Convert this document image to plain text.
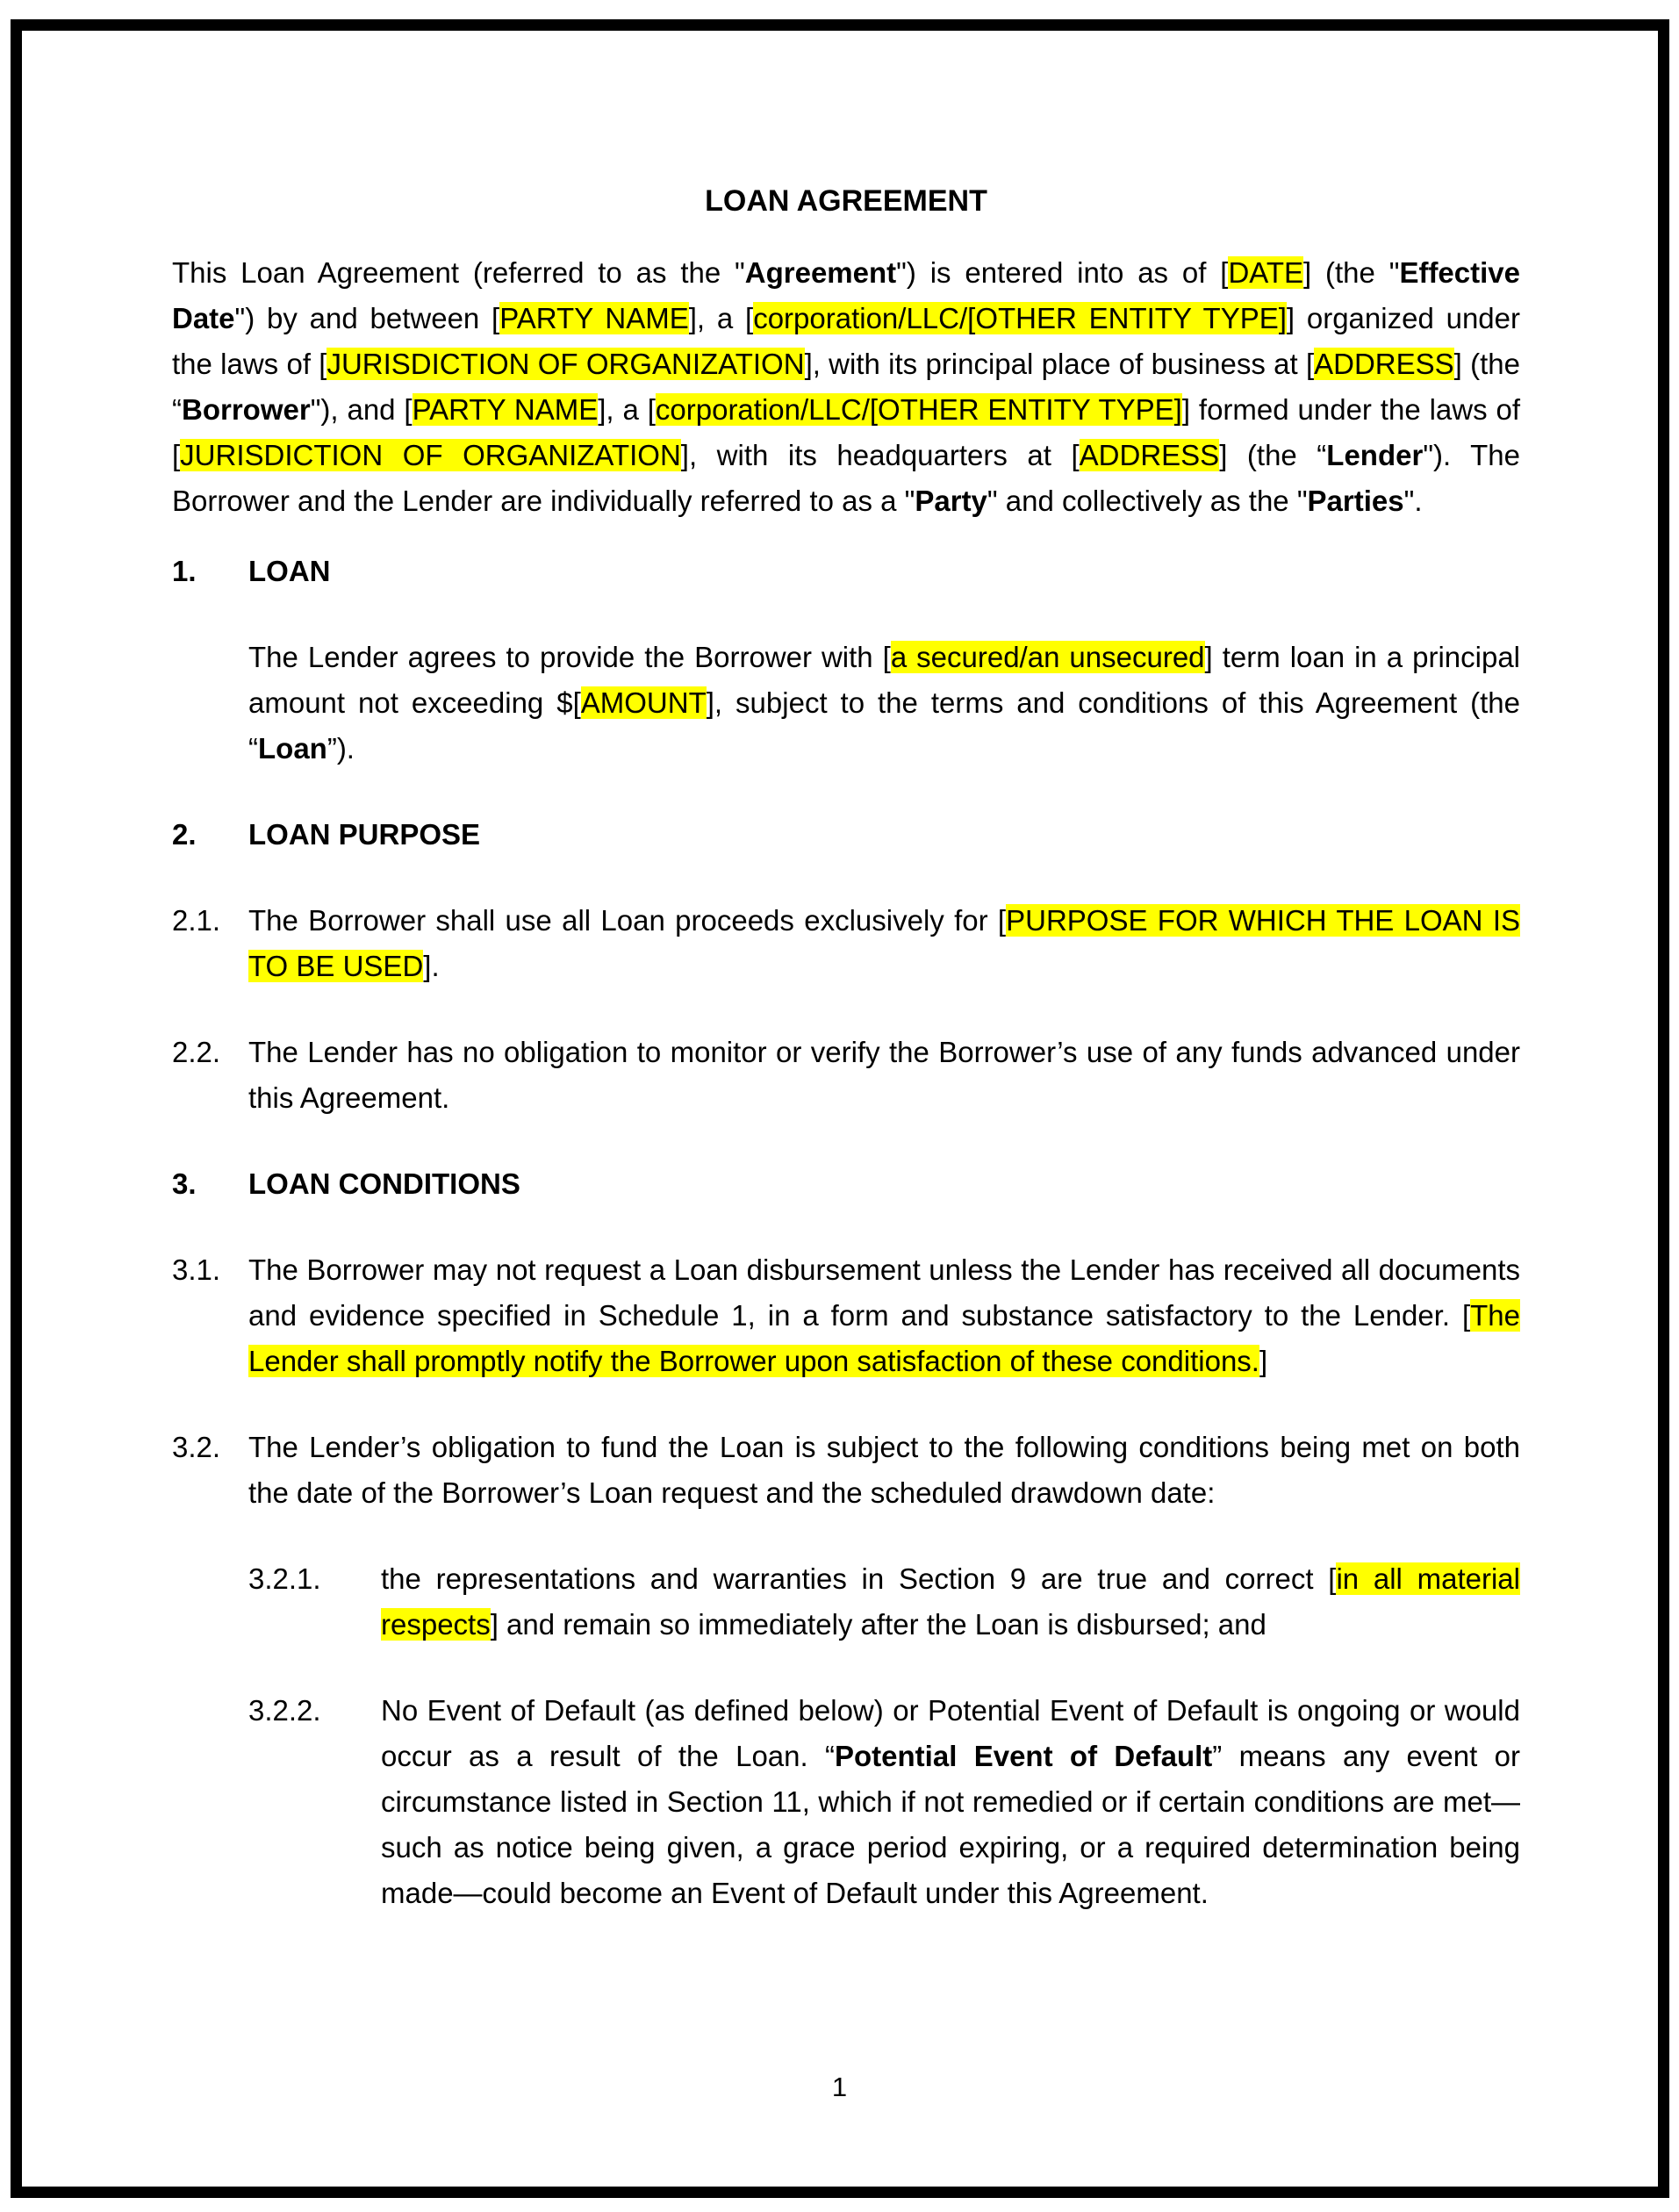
LOAN AGREEMENT
This Loan Agreement (referred to as the "Agreement") is entered into as of [DATE] (the "Effective Date") by and between [PARTY NAME], a [corporation/LLC/[OTHER ENTITY TYPE]] organized under the laws of [JURISDICTION OF ORGANIZATION], with its principal place of business at [ADDRESS] (the “Borrower"), and [PARTY NAME], a [corporation/LLC/[OTHER ENTITY TYPE]] formed under the laws of [JURISDICTION OF ORGANIZATION], with its headquarters at [ADDRESS] (the “Lender"). The Borrower and the Lender are individually referred to as a "Party" and collectively as the "Parties".
1.	LOAN
The Lender agrees to provide the Borrower with [a secured/an unsecured] term loan in a principal amount not exceeding $[AMOUNT], subject to the terms and conditions of this Agreement (the “Loan”).
2.	LOAN PURPOSE
2.1. The Borrower shall use all Loan proceeds exclusively for [PURPOSE FOR WHICH THE LOAN IS TO BE USED].
2.2. The Lender has no obligation to monitor or verify the Borrower’s use of any funds advanced under this Agreement.
3.	LOAN CONDITIONS
3.1. The Borrower may not request a Loan disbursement unless the Lender has received all documents and evidence specified in Schedule 1, in a form and substance satisfactory to the Lender. [The Lender shall promptly notify the Borrower upon satisfaction of these conditions.]
3.2. The Lender’s obligation to fund the Loan is subject to the following conditions being met on both the date of the Borrower’s Loan request and the scheduled drawdown date:
3.2.1.	the representations and warranties in Section 9 are true and correct [in all material respects] and remain so immediately after the Loan is disbursed; and
3.2.2.	No Event of Default (as defined below) or Potential Event of Default is ongoing or would occur as a result of the Loan. “Potential Event of Default” means any event or circumstance listed in Section 11, which if not remedied or if certain conditions are met—such as notice being given, a grace period expiring, or a required determination being made—could become an Event of Default under this Agreement.
1
